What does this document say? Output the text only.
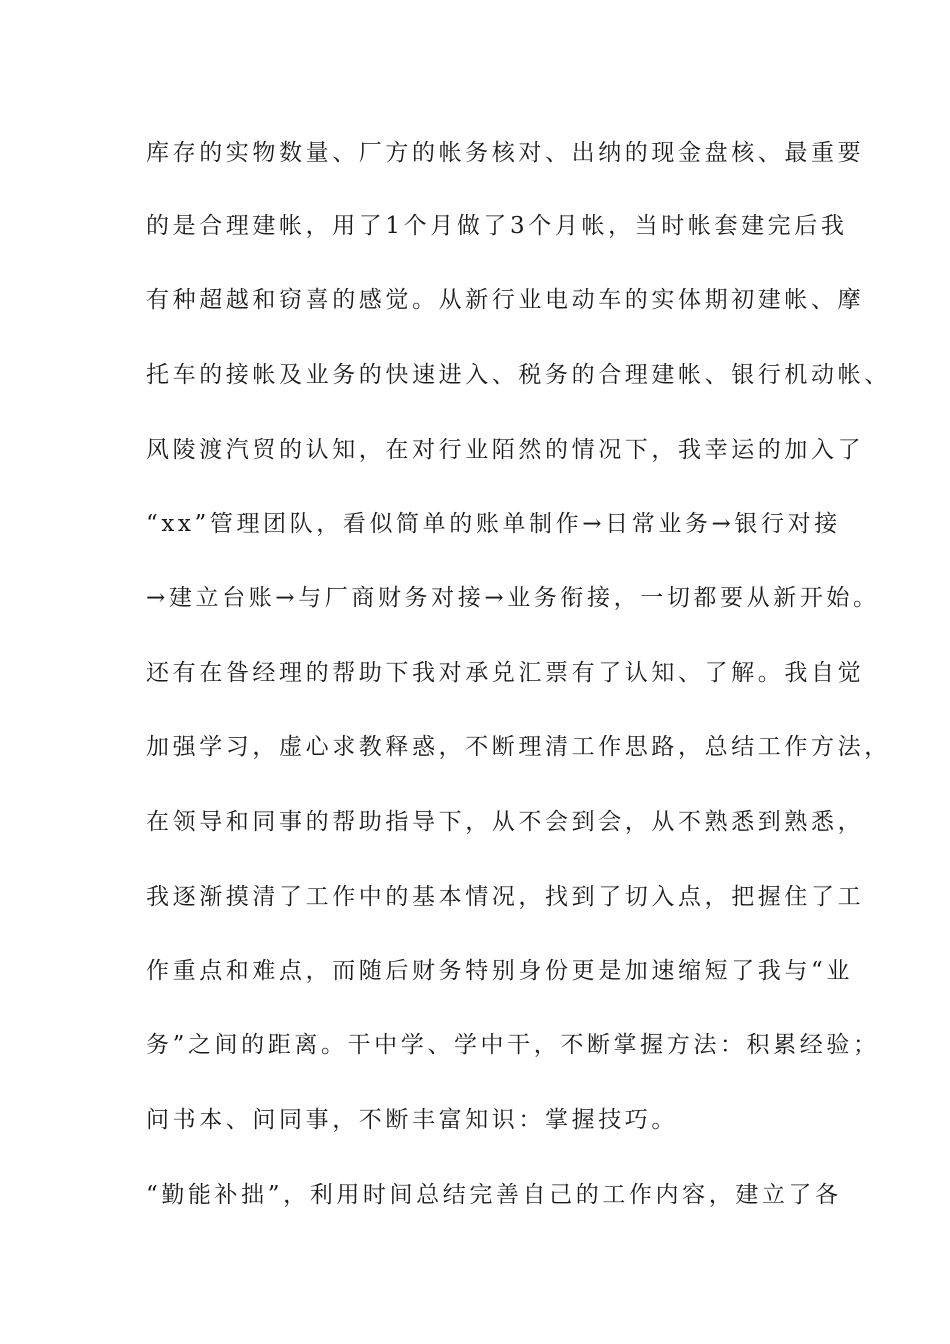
库存的实物数量、厂方的帐务核对、出纳的现金盘核、最重要
的是合理建帐，用了1个月做了3个月帐，当时帐套建完后我
有种超越和窃喜的感觉。从新行业电动车的实体期初建帐、摩
托车的接帐及业务的快速进入、税务的合理建帐、银行机动帐、
风陵渡汽贸的认知，在对行业陌然的情况下，我幸运的加入了
“xx”管理团队，看似简单的账单制作→日常业务→银行对接
→建立台账→与厂商财务对接→业务衔接，一切都要从新开始。
还有在昝经理的帮助下我对承兑汇票有了认知、了解。我自觉
加强学习，虚心求教释惑，不断理清工作思路，总结工作方法，
在领导和同事的帮助指导下，从不会到会，从不熟悉到熟悉，
我逐渐摸清了工作中的基本情况，找到了切入点，把握住了工
作重点和难点，而随后财务特别身份更是加速缩短了我与“业
务”之间的距离。干中学、学中干，不断掌握方法：积累经验；
问书本、问同事，不断丰富知识：掌握技巧。
“勤能补拙”，利用时间总结完善自己的工作内容，建立了各
